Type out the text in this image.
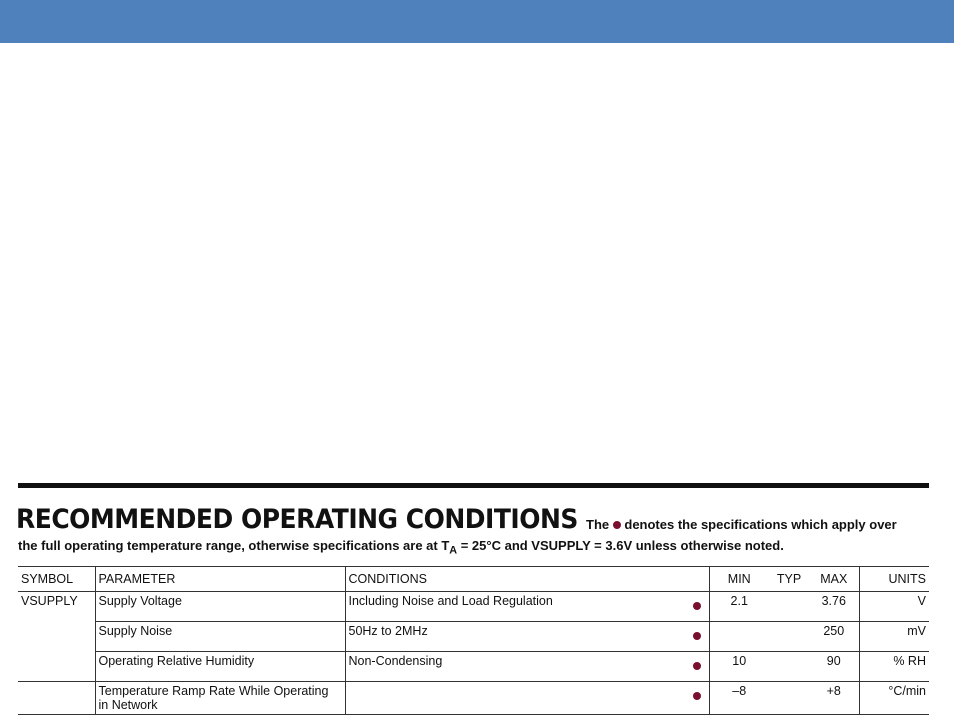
RECOMMENDED OPERATING CONDITIONS The denotes the specifications which apply over
the full operating temperature range, otherwise specifications are at $T_A = 25^\circ C$ and VSUPPLY = 3.6V unless otherwise noted.
SYMBOL	PARAMETER	CONDITIONS		MIN	TYP	MAX	UNITS
VSUPPLY	Supply Voltage	Including Noise and Load Regulation		2.1		3.76	V
	Supply Noise	50Hz to 2MHz				250	mV
	Operating Relative Humidity	Non-Condensing		10		90	% RH
	Temperature Ramp Rate While Operating in Network			–8		+8	°C/min
